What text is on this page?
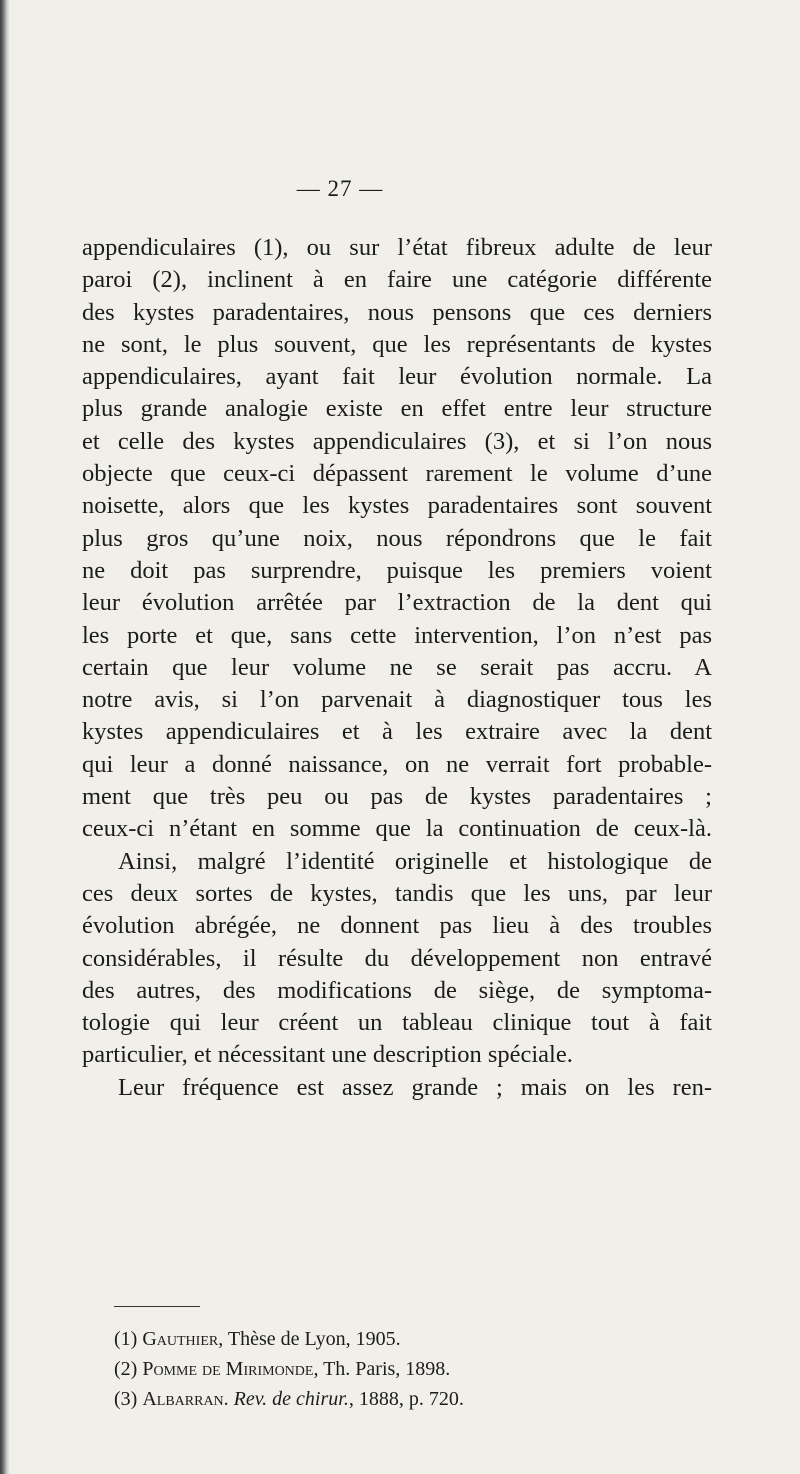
— 27 —
appendiculaires (1), ou sur l’état fibreux adulte de leur
paroi (2), inclinent à en faire une catégorie différente
des kystes paradentaires, nous pensons que ces derniers
ne sont, le plus souvent, que les représentants de kystes
appendiculaires, ayant fait leur évolution normale. La
plus grande analogie existe en effet entre leur structure
et celle des kystes appendiculaires (3), et si l’on nous
objecte que ceux-ci dépassent rarement le volume d’une
noisette, alors que les kystes paradentaires sont souvent
plus gros qu’une noix, nous répondrons que le fait
ne doit pas surprendre, puisque les premiers voient
leur évolution arrêtée par l’extraction de la dent qui
les porte et que, sans cette intervention, l’on n’est pas
certain que leur volume ne se serait pas accru. A
notre avis, si l’on parvenait à diagnostiquer tous les
kystes appendiculaires et à les extraire avec la dent
qui leur a donné naissance, on ne verrait fort probable-
ment que très peu ou pas de kystes paradentaires ;
ceux-ci n’étant en somme que la continuation de ceux-là.
Ainsi, malgré l’identité originelle et histologique de
ces deux sortes de kystes, tandis que les uns, par leur
évolution abrégée, ne donnent pas lieu à des troubles
considérables, il résulte du développement non entravé
des autres, des modifications de siège, de symptoma-
tologie qui leur créent un tableau clinique tout à fait
particulier, et nécessitant une description spéciale.
Leur fréquence est assez grande ; mais on les ren-
(1) Gauthier, Thèse de Lyon, 1905.
(2) Pomme de Mirimonde, Th. Paris, 1898.
(3) Albarran. Rev. de chirur., 1888, p. 720.
